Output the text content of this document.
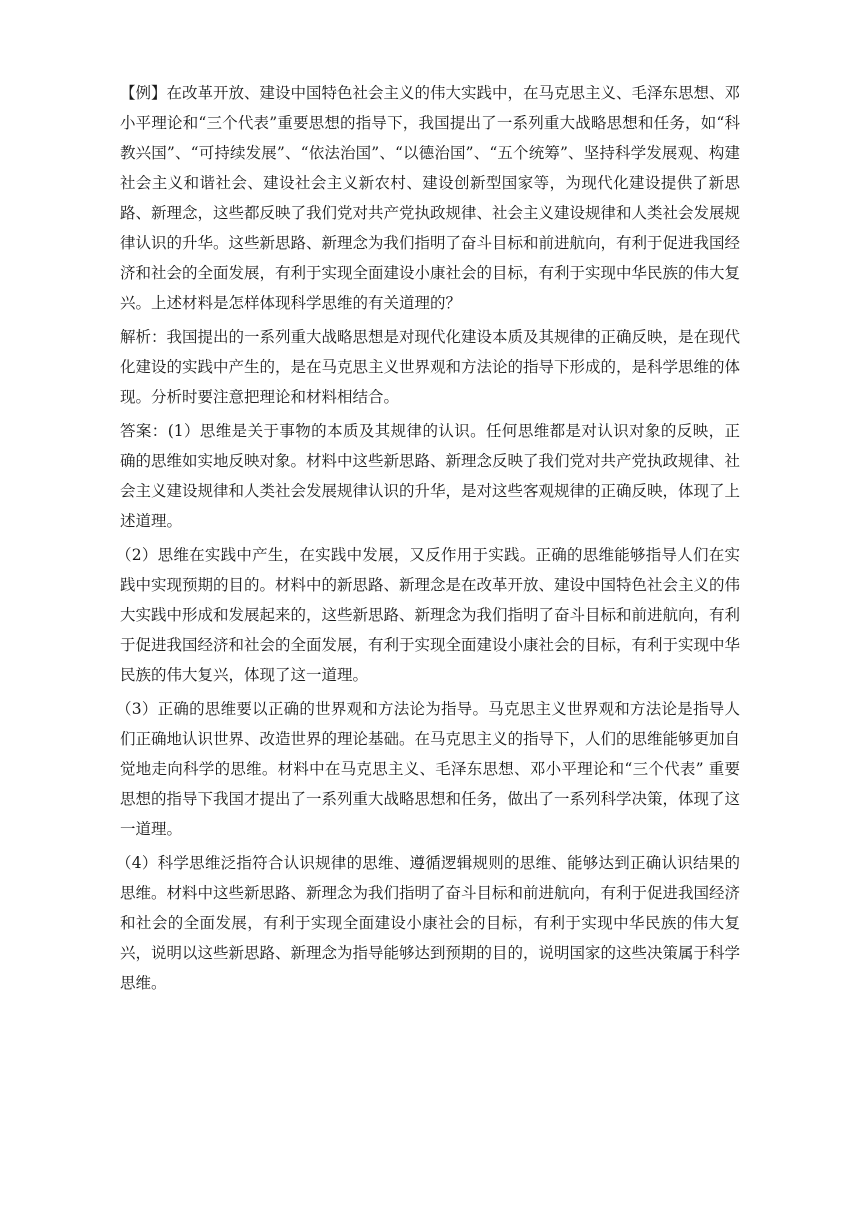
【例】在改革开放、建设中国特色社会主义的伟大实践中，在马克思主义、毛泽东思想、邓小平理论和“三个代表”重要思想的指导下，我国提出了一系列重大战略思想和任务，如“科教兴国”、“可持续发展”、“依法治国”、“以德治国”、“五个统筹”、坚持科学发展观、构建社会主义和谐社会、建设社会主义新农村、建设创新型国家等，为现代化建设提供了新思路、新理念，这些都反映了我们党对共产党执政规律、社会主义建设规律和人类社会发展规律认识的升华。这些新思路、新理念为我们指明了奋斗目标和前进航向，有利于促进我国经济和社会的全面发展，有利于实现全面建设小康社会的目标，有利于实现中华民族的伟大复兴。上述材料是怎样体现科学思维的有关道理的？

解析：我国提出的一系列重大战略思想是对现代化建设本质及其规律的正确反映，是在现代化建设的实践中产生的，是在马克思主义世界观和方法论的指导下形成的，是科学思维的体现。分析时要注意把理论和材料相结合。

答案：(1）思维是关于事物的本质及其规律的认识。任何思维都是对认识对象的反映，正确的思维如实地反映对象。材料中这些新思路、新理念反映了我们党对共产党执政规律、社会主义建设规律和人类社会发展规律认识的升华，是对这些客观规律的正确反映，体现了上述道理。

（2）思维在实践中产生，在实践中发展，又反作用于实践。正确的思维能够指导人们在实践中实现预期的目的。材料中的新思路、新理念是在改革开放、建设中国特色社会主义的伟大实践中形成和发展起来的，这些新思路、新理念为我们指明了奋斗目标和前进航向，有利于促进我国经济和社会的全面发展，有利于实现全面建设小康社会的目标，有利于实现中华民族的伟大复兴，体现了这一道理。

（3）正确的思维要以正确的世界观和方法论为指导。马克思主义世界观和方法论是指导人们正确地认识世界、改造世界的理论基础。在马克思主义的指导下，人们的思维能够更加自觉地走向科学的思维。材料中在马克思主义、毛泽东思想、邓小平理论和“三个代表” 重要思想的指导下我国才提出了一系列重大战略思想和任务，做出了一系列科学决策，体现了这一道理。

（4）科学思维泛指符合认识规律的思维、遵循逻辑规则的思维、能够达到正确认识结果的思维。材料中这些新思路、新理念为我们指明了奋斗目标和前进航向，有利于促进我国经济和社会的全面发展，有利于实现全面建设小康社会的目标，有利于实现中华民族的伟大复兴，说明以这些新思路、新理念为指导能够达到预期的目的，说明国家的这些决策属于科学思维。
